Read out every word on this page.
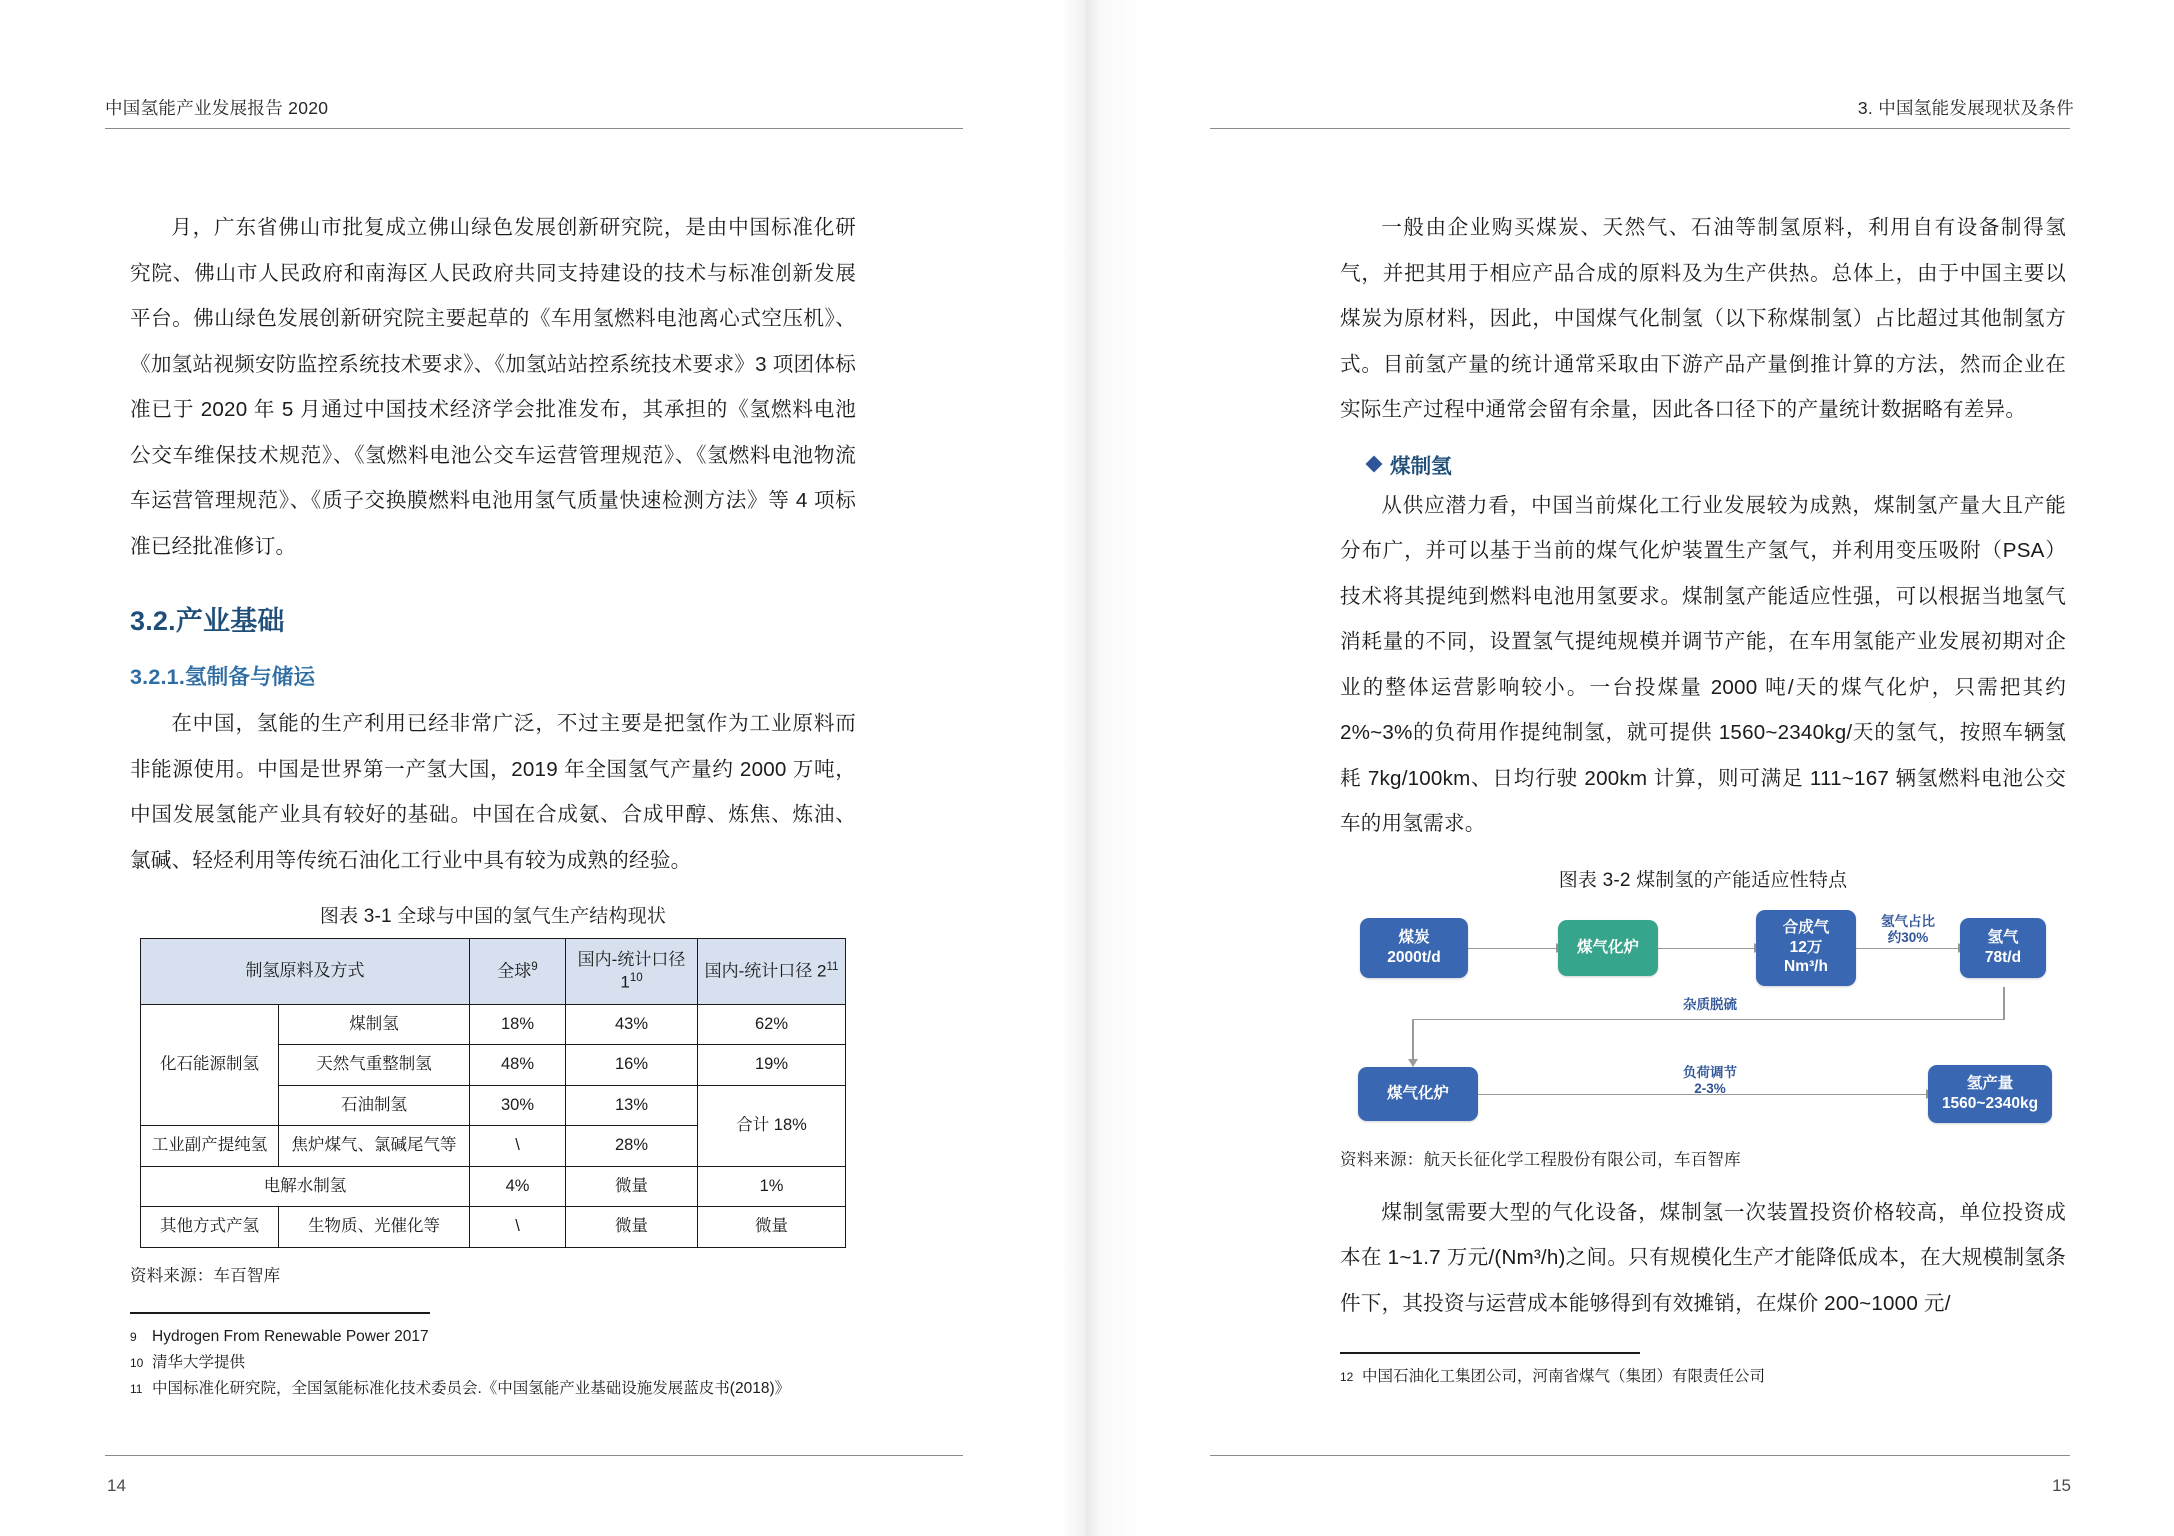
中国氢能产业发展报告 2020

月，广东省佛山市批复成立佛山绿色发展创新研究院，是由中国标准化研究院、佛山市人民政府和南海区人民政府共同支持建设的技术与标准创新发展平台。佛山绿色发展创新研究院主要起草的《车用氢燃料电池离心式空压机》、《加氢站视频安防监控系统技术要求》、《加氢站站控系统技术要求》3 项团体标准已于 2020 年 5 月通过中国技术经济学会批准发布，其承担的《氢燃料电池公交车维保技术规范》、《氢燃料电池公交车运营管理规范》、《氢燃料电池物流车运营管理规范》、《质子交换膜燃料电池用氢气质量快速检测方法》等 4 项标准已经批准修订。

3.2.产业基础
3.2.1.氢制备与储运

在中国，氢能的生产利用已经非常广泛，不过主要是把氢作为工业原料而非能源使用。中国是世界第一产氢大国，2019 年全国氢气产量约 2000 万吨，中国发展氢能产业具有较好的基础。中国在合成氨、合成甲醇、炼焦、炼油、氯碱、轻烃利用等传统石油化工行业中具有较为成熟的经验。

图表 3-1 全球与中国的氢气生产结构现状
制氢原料及方式		全球$^9$	国内-统计口径 1$^{10}$	国内-统计口径 2$^{11}$
化石能源制氢	煤制氢	18%	43%	62%
	天然气重整制氢	48%	16%	19%
	石油制氢	30%	13%	合计 18%
工业副产提纯氢	焦炉煤气、氯碱尾气等	\	28%	
电解水制氢		4%	微量	1%
其他方式产氢	生物质、光催化等	\	微量	微量
资料来源：车百智库
9 Hydrogen From Renewable Power 2017
10 清华大学提供
11 中国标准化研究院，全国氢能标准化技术委员会.《中国氢能产业基础设施发展蓝皮书(2018)》
14
3. 中国氢能发展现状及条件

一般由企业购买煤炭、天然气、石油等制氢原料，利用自有设备制得氢气，并把其用于相应产品合成的原料及为生产供热。总体上，由于中国主要以煤炭为原材料，因此，中国煤气化制氢（以下称煤制氢）占比超过其他制氢方式。目前氢产量的统计通常采取由下游产品产量倒推计算的方法，然而企业在实际生产过程中通常会留有余量，因此各口径下的产量统计数据略有差异。

煤制氢

从供应潜力看，中国当前煤化工行业发展较为成熟，煤制氢产量大且产能分布广，并可以基于当前的煤气化炉装置生产氢气，并利用变压吸附（PSA）技术将其提纯到燃料电池用氢要求。煤制氢产能适应性强，可以根据当地氢气消耗量的不同，设置氢气提纯规模并调节产能，在车用氢能产业发展初期对企业的整体运营影响较小。一台投煤量 2000 吨/天的煤气化炉，只需把其约 2%~3%的负荷用作提纯制氢，就可提供 1560~2340kg/天的氢气，按照车辆氢耗 7kg/100km、日均行驶 200km 计算，则可满足 111~167 辆氢燃料电池公交车的用氢需求。

图表 3-2 煤制氢的产能适应性特点
煤炭
2000t/d
煤气化炉
合成气
12万
Nm³/h
氢气
78t/d
氢气占比
约30%
杂质脱硫
煤气化炉
负荷调节
2-3%	氢产量
1560~2340kg
资料来源：航天长征化学工程股份有限公司，车百智库

煤制氢需要大型的气化设备，煤制氢一次装置投资价格较高，单位投资成本在 1~1.7 万元/(Nm³/h)之间。只有规模化生产才能降低成本，在大规模制氢条件下，其投资与运营成本能够得到有效摊销，在煤价 200~1000 元/

12 中国石油化工集团公司，河南省煤气（集团）有限责任公司
15
